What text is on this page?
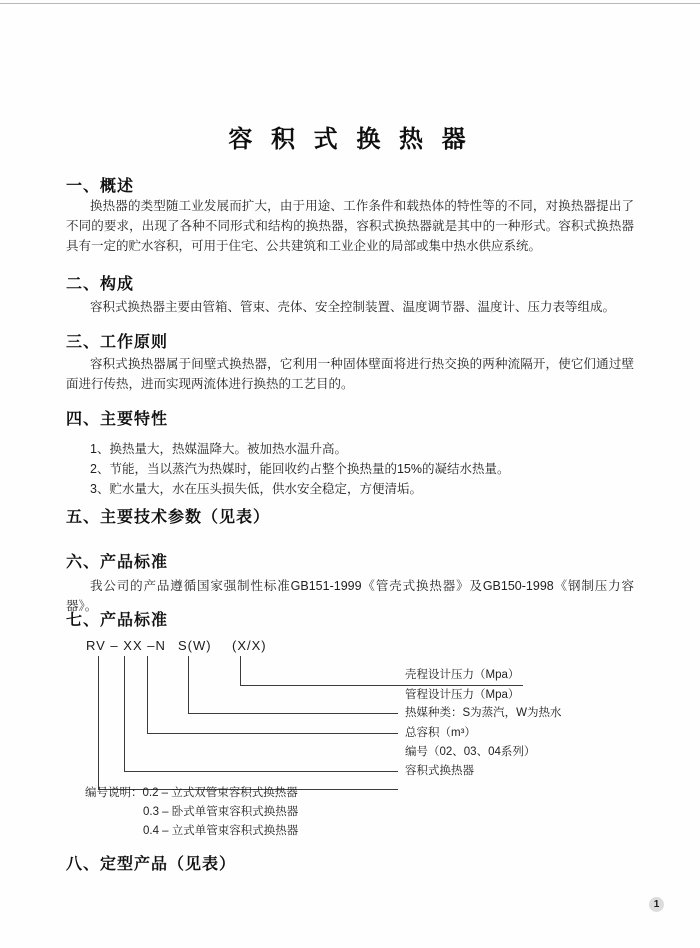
容 积 式 换 热 器
一、概述
换热器的类型随工业发展而扩大，由于用途、工作条件和载热体的特性等的不同，对换热器提出了不同的要求，出现了各种不同形式和结构的换热器，容积式换热器就是其中的一种形式。容积式换热器具有一定的贮水容积，可用于住宅、公共建筑和工业企业的局部或集中热水供应系统。
二、构成
容积式换热器主要由管箱、管束、壳体、安全控制装置、温度调节器、温度计、压力表等组成。
三、工作原则
容积式换热器属于间壁式换热器，它利用一种固体壁面将进行热交换的两种流隔开，使它们通过壁面进行传热，进而实现两流体进行换热的工艺目的。
四、主要特性
1、换热量大，热媒温降大。被加热水温升高。
2、节能，当以蒸汽为热媒时，能回收约占整个换热量的15%的凝结水热量。
3、贮水量大，水在压头损失低，供水安全稳定，方便清垢。
五、主要技术参数（见表）
六、产品标准
我公司的产品遵循国家强制性标准GB151-1999《管壳式换热器》及GB150-1998《钢制压力容器》。
七、产品标准
RV – XX –N S(W) (X/X)
壳程设计压力（Mpa）
管程设计压力（Mpa）
热媒种类：S为蒸汽，W为热水
总容积（m³）
编号（02、03、04系列）
容积式换热器
编号说明：0.2 – 立式双管束容积式换热器
0.3 – 卧式单管束容积式换热器
0.4 – 立式单管束容积式换热器
八、定型产品（见表）
1
